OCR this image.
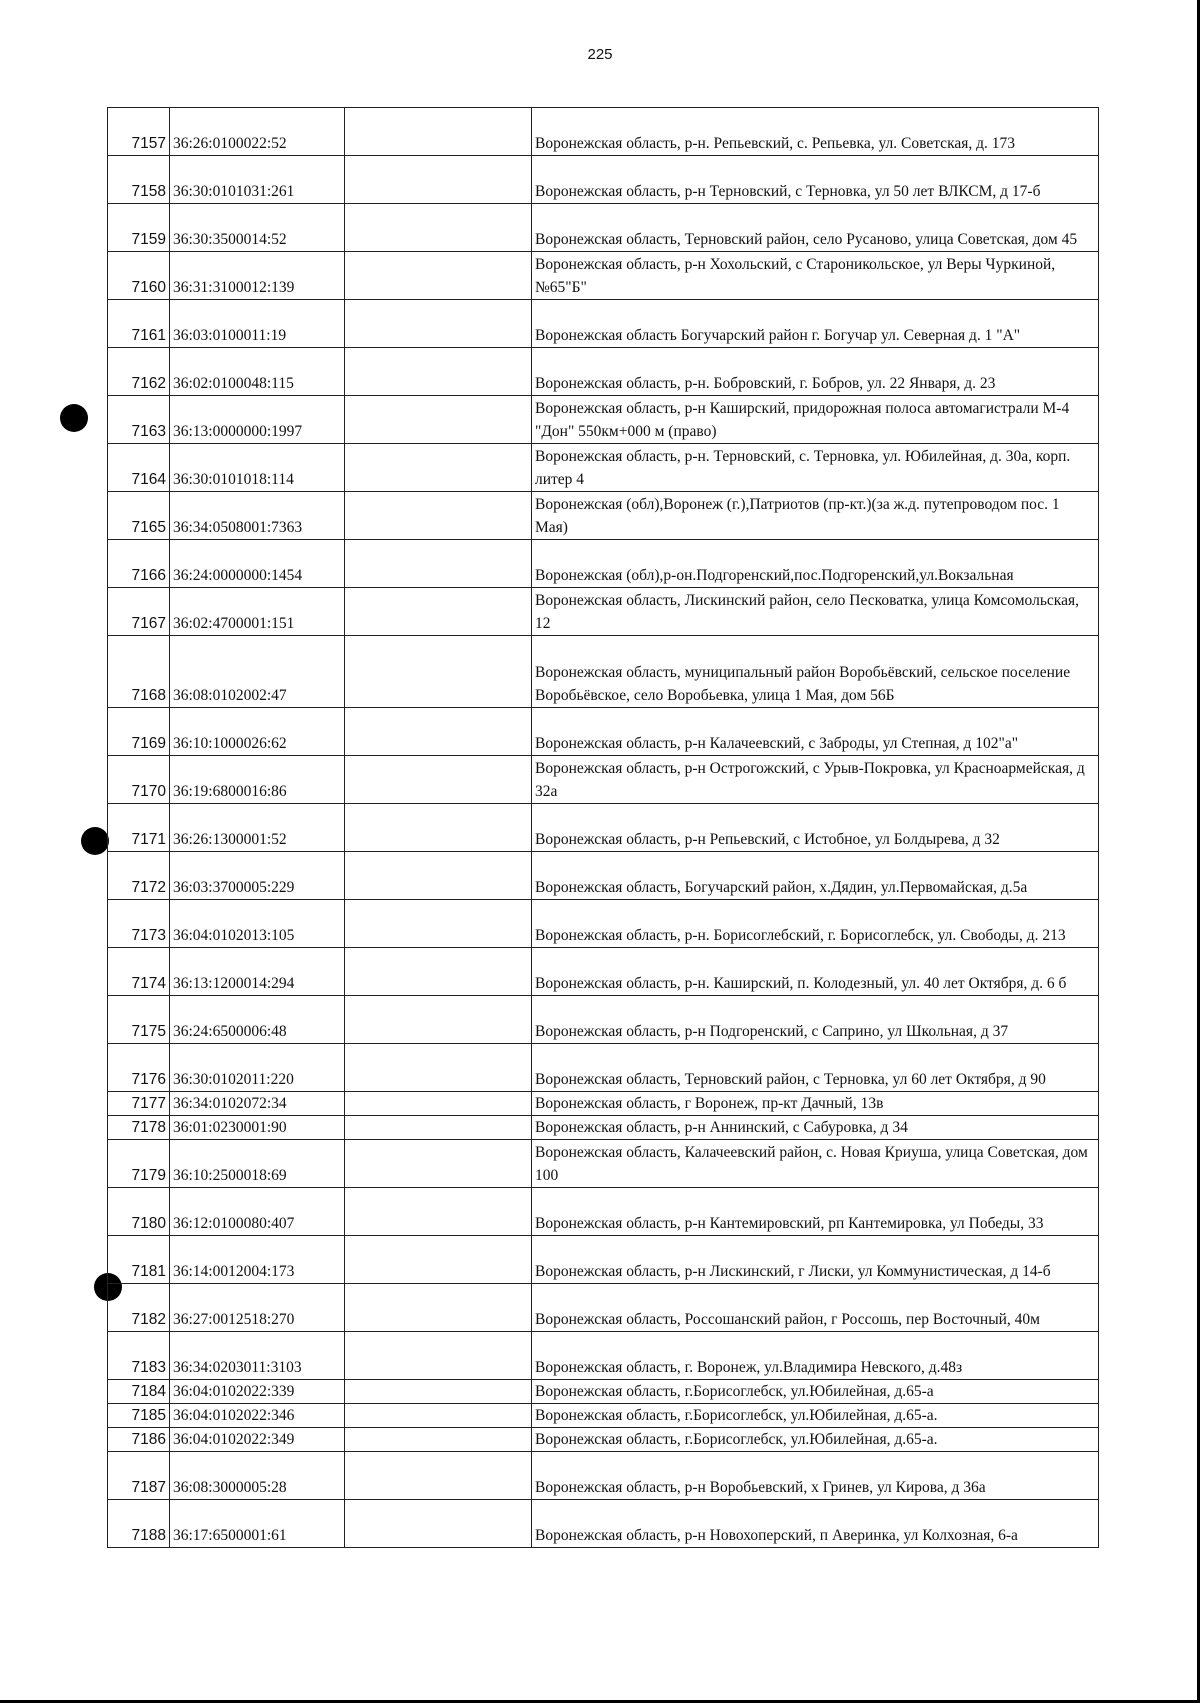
225
7157	36:26:0100022:52		Воронежская область, р-н. Репьевский, с. Репьевка, ул. Советская, д. 173
7158	36:30:0101031:261		Воронежская область, р-н Терновский, с Терновка, ул 50 лет ВЛКСМ, д 17-б
7159	36:30:3500014:52		Воронежская область, Терновский район, село Русаново, улица Советская, дом 45
7160	36:31:3100012:139		Воронежская область, р-н Хохольский, с Староникольское, ул Веры Чуркиной, №65"Б"
7161	36:03:0100011:19		Воронежская область Богучарский район г. Богучар ул. Северная д. 1 "А"
7162	36:02:0100048:115		Воронежская область, р-н. Бобровский, г. Бобров, ул. 22 Января, д. 23
7163	36:13:0000000:1997		Воронежская область, р-н Каширский, придорожная полоса автомагистрали М-4 "Дон" 550км+000 м (право)
7164	36:30:0101018:114		Воронежская область, р-н. Терновский, с. Терновка, ул. Юбилейная, д. 30а, корп. литер 4
7165	36:34:0508001:7363		Воронежская (обл),Воронеж (г.),Патриотов (пр-кт.)(за ж.д. путепроводом пос. 1 Мая)
7166	36:24:0000000:1454		Воронежская (обл),р-он.Подгоренский,пос.Подгоренский,ул.Вокзальная
7167	36:02:4700001:151		Воронежская область, Лискинский район, село Песковатка, улица Комсомольская, 12
7168	36:08:0102002:47		Воронежская область, муниципальный район Воробьёвский, сельское поселение Воробьёвское, село Воробьевка, улица 1 Мая, дом 56Б
7169	36:10:1000026:62		Воронежская область, р-н Калачеевский, с Заброды, ул Степная, д 102"а"
7170	36:19:6800016:86		Воронежская область, р-н Острогожский, с Урыв-Покровка, ул Красноармейская, д 32а
7171	36:26:1300001:52		Воронежская область, р-н Репьевский, с Истобное, ул Болдырева, д 32
7172	36:03:3700005:229		Воронежская область, Богучарский район, х.Дядин, ул.Первомайская, д.5а
7173	36:04:0102013:105		Воронежская область, р-н. Борисоглебский, г. Борисоглебск, ул. Свободы, д. 213
7174	36:13:1200014:294		Воронежская область, р-н. Каширский, п. Колодезный, ул. 40 лет Октября, д. 6 б
7175	36:24:6500006:48		Воронежская область, р-н Подгоренский, с Саприно, ул Школьная, д 37
7176	36:30:0102011:220		Воронежская область, Терновский район, с Терновка, ул 60 лет Октября, д 90
7177	36:34:0102072:34		Воронежская область, г Воронеж, пр-кт Дачный, 13в
7178	36:01:0230001:90		Воронежская область, р-н Аннинский, с Сабуровка, д 34
7179	36:10:2500018:69		Воронежская область, Калачеевский район, с. Новая Криуша, улица Советская, дом 100
7180	36:12:0100080:407		Воронежская область, р-н Кантемировский, рп Кантемировка, ул Победы, 33
7181	36:14:0012004:173		Воронежская область, р-н Лискинский, г Лиски, ул Коммунистическая, д 14-б
7182	36:27:0012518:270		Воронежская область, Россошанский район, г Россошь, пер Восточный, 40м
7183	36:34:0203011:3103		Воронежская область, г. Воронеж, ул.Владимира Невского, д.48з
7184	36:04:0102022:339		Воронежская область, г.Борисоглебск, ул.Юбилейная, д.65-а
7185	36:04:0102022:346		Воронежская область, г.Борисоглебск, ул.Юбилейная, д.65-а.
7186	36:04:0102022:349		Воронежская область, г.Борисоглебск, ул.Юбилейная, д.65-а.
7187	36:08:3000005:28		Воронежская область, р-н Воробьевский, х Гринев, ул Кирова, д 36а
7188	36:17:6500001:61		Воронежская область, р-н Новохоперский, п Аверинка, ул Колхозная, 6-а
